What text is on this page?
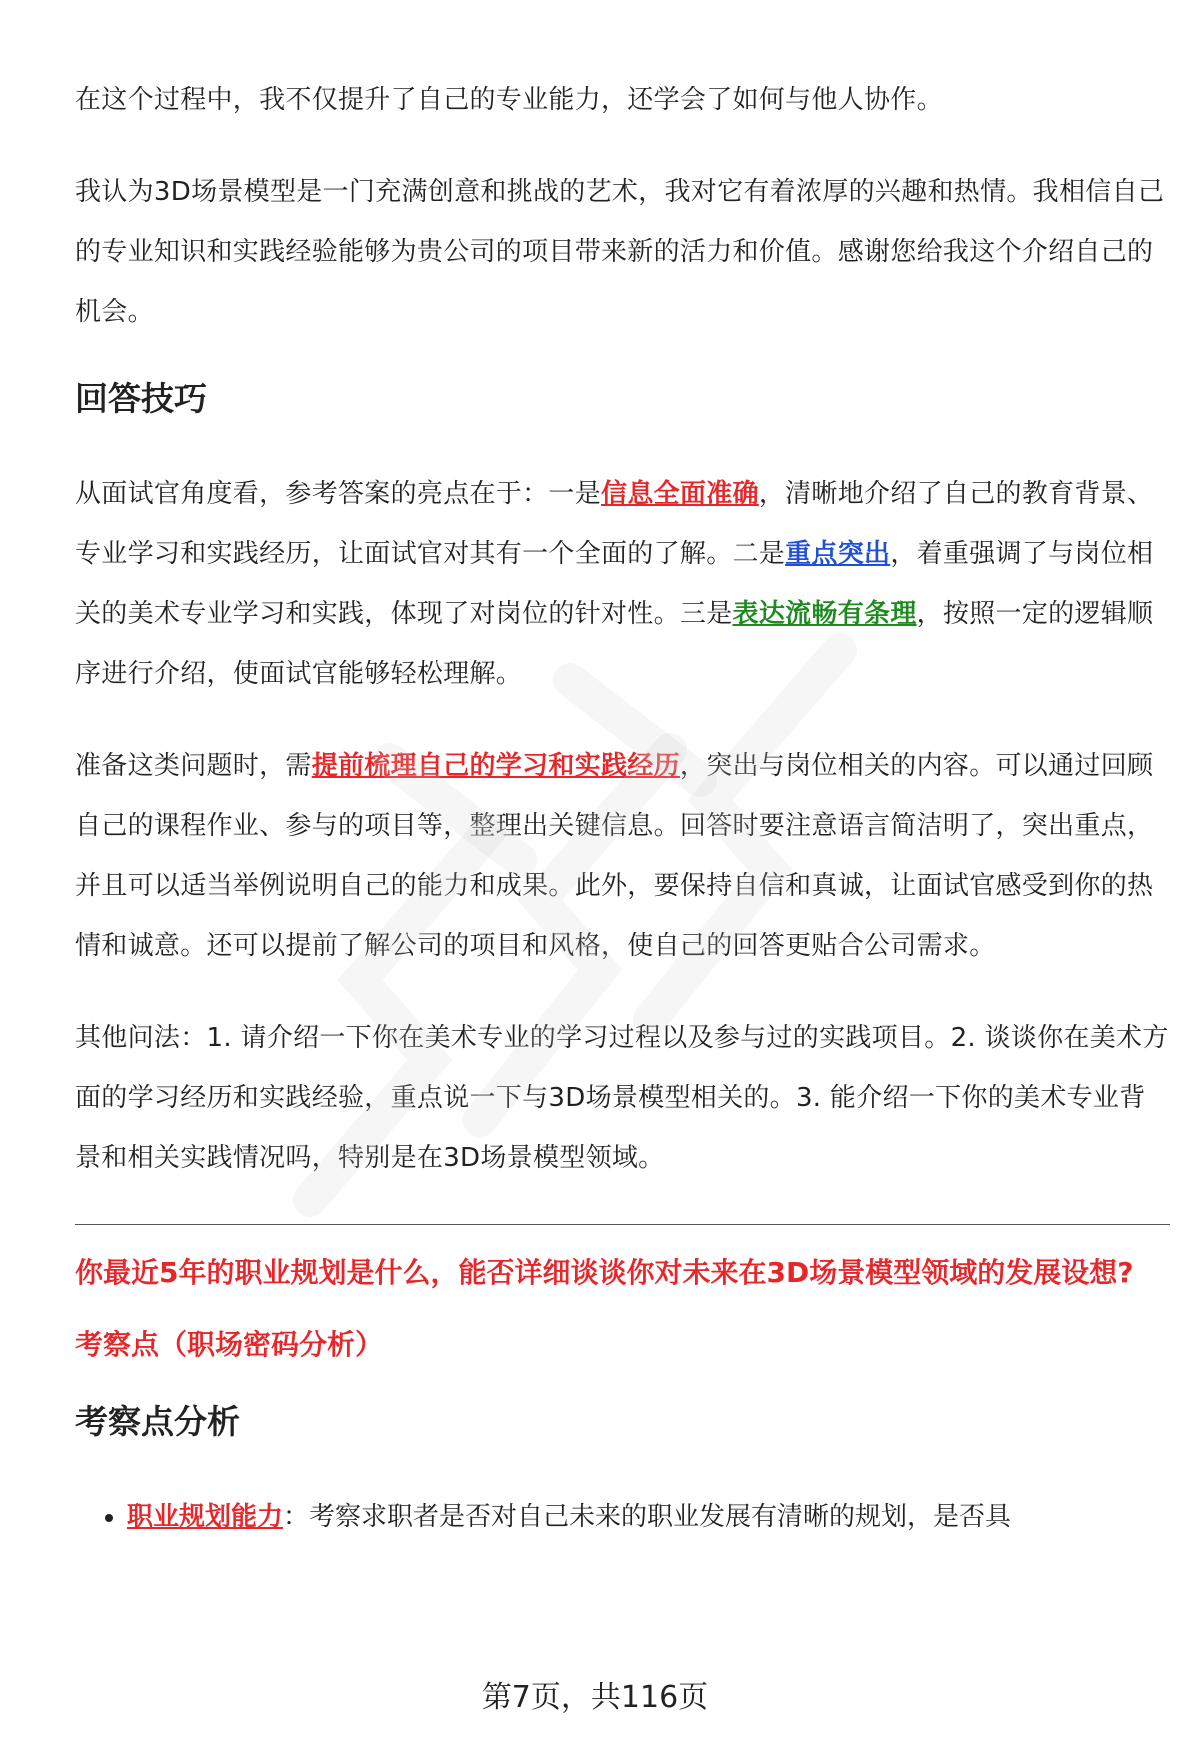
在这个过程中，我不仅提升了自己的专业能力，还学会了如何与他人协作。

我认为3D场景模型是一门充满创意和挑战的艺术，我对它有着浓厚的兴趣和热情。我相信自己的专业知识和实践经验能够为贵公司的项目带来新的活力和价值。感谢您给我这个介绍自己的机会。

回答技巧

从面试官角度看，参考答案的亮点在于：一是信息全面准确，清晰地介绍了自己的教育背景、专业学习和实践经历，让面试官对其有一个全面的了解。二是重点突出，着重强调了与岗位相关的美术专业学习和实践，体现了对岗位的针对性。三是表达流畅有条理，按照一定的逻辑顺序进行介绍，使面试官能够轻松理解。

准备这类问题时，需提前梳理自己的学习和实践经历，突出与岗位相关的内容。可以通过回顾自己的课程作业、参与的项目等，整理出关键信息。回答时要注意语言简洁明了，突出重点，并且可以适当举例说明自己的能力和成果。此外，要保持自信和真诚，让面试官感受到你的热情和诚意。还可以提前了解公司的项目和风格，使自己的回答更贴合公司需求。

其他问法：1. 请介绍一下你在美术专业的学习过程以及参与过的实践项目。2. 谈谈你在美术方面的学习经历和实践经验，重点说一下与3D场景模型相关的。3. 能介绍一下你的美术专业背景和相关实践情况吗，特别是在3D场景模型领域。

你最近5年的职业规划是什么，能否详细谈谈你对未来在3D场景模型领域的发展设想?
考察点（职场密码分析）
考察点分析
• 职业规划能力：考察求职者是否对自己未来的职业发展有清晰的规划，是否具
第7页，共116页
